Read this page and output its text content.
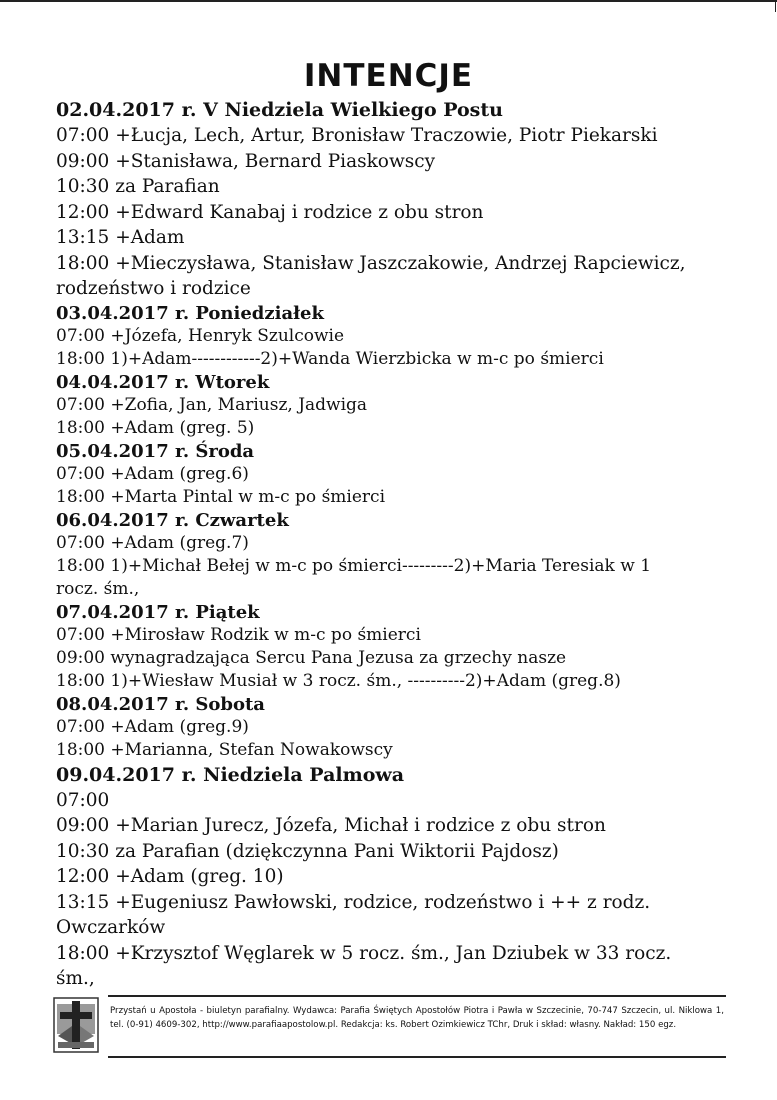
INTENCJE
02.04.2017 r. V Niedziela Wielkiego Postu
07:00 +Łucja, Lech, Artur, Bronisław Traczowie, Piotr Piekarski
09:00 +Stanisława, Bernard Piaskowscy
10:30 za Parafian
12:00 +Edward Kanabaj i rodzice z obu stron
13:15 +Adam
18:00 +Mieczysława, Stanisław Jaszczakowie, Andrzej Rapciewicz,
rodzeństwo i rodzice
03.04.2017 r. Poniedziałek
07:00 +Józefa, Henryk Szulcowie
18:00 1)+Adam------------2)+Wanda Wierzbicka w m-c po śmierci
04.04.2017 r. Wtorek
07:00 +Zofia, Jan, Mariusz, Jadwiga
18:00 +Adam (greg. 5)
05.04.2017 r. Środa
07:00 +Adam (greg.6)
18:00 +Marta Pintal w m-c po śmierci
06.04.2017 r. Czwartek
07:00 +Adam (greg.7)
18:00 1)+Michał Bełej w m-c po śmierci---------2)+Maria Teresiak w 1
rocz. śm.,
07.04.2017 r. Piątek
07:00 +Mirosław Rodzik w m-c po śmierci
09:00 wynagradzająca Sercu Pana Jezusa za grzechy nasze
18:00 1)+Wiesław Musiał w 3 rocz. śm., ----------2)+Adam (greg.8)
08.04.2017 r. Sobota
07:00 +Adam (greg.9)
18:00 +Marianna, Stefan Nowakowscy
09.04.2017 r. Niedziela Palmowa
07:00
09:00 +Marian Jurecz, Józefa, Michał i rodzice z obu stron
10:30 za Parafian (dziękczynna Pani Wiktorii Pajdosz)
12:00 +Adam (greg. 10)
13:15 +Eugeniusz Pawłowski, rodzice, rodzeństwo i ++ z rodz.
Owczarków
18:00 +Krzysztof Węglarek w 5 rocz. śm., Jan Dziubek w 33 rocz.
śm.,
Przystań u Apostoła - biuletyn parafialny. Wydawca: Parafia Świętych Apostołów Piotra i Pawła w Szczecinie, 70-747 Szczecin, ul. Niklowa 1, tel. (0-91) 4609-302, http://www.parafiaapostolow.pl. Redakcja: ks. Robert Ozimkiewicz TChr, Druk i skład: własny. Nakład: 150 egz.
